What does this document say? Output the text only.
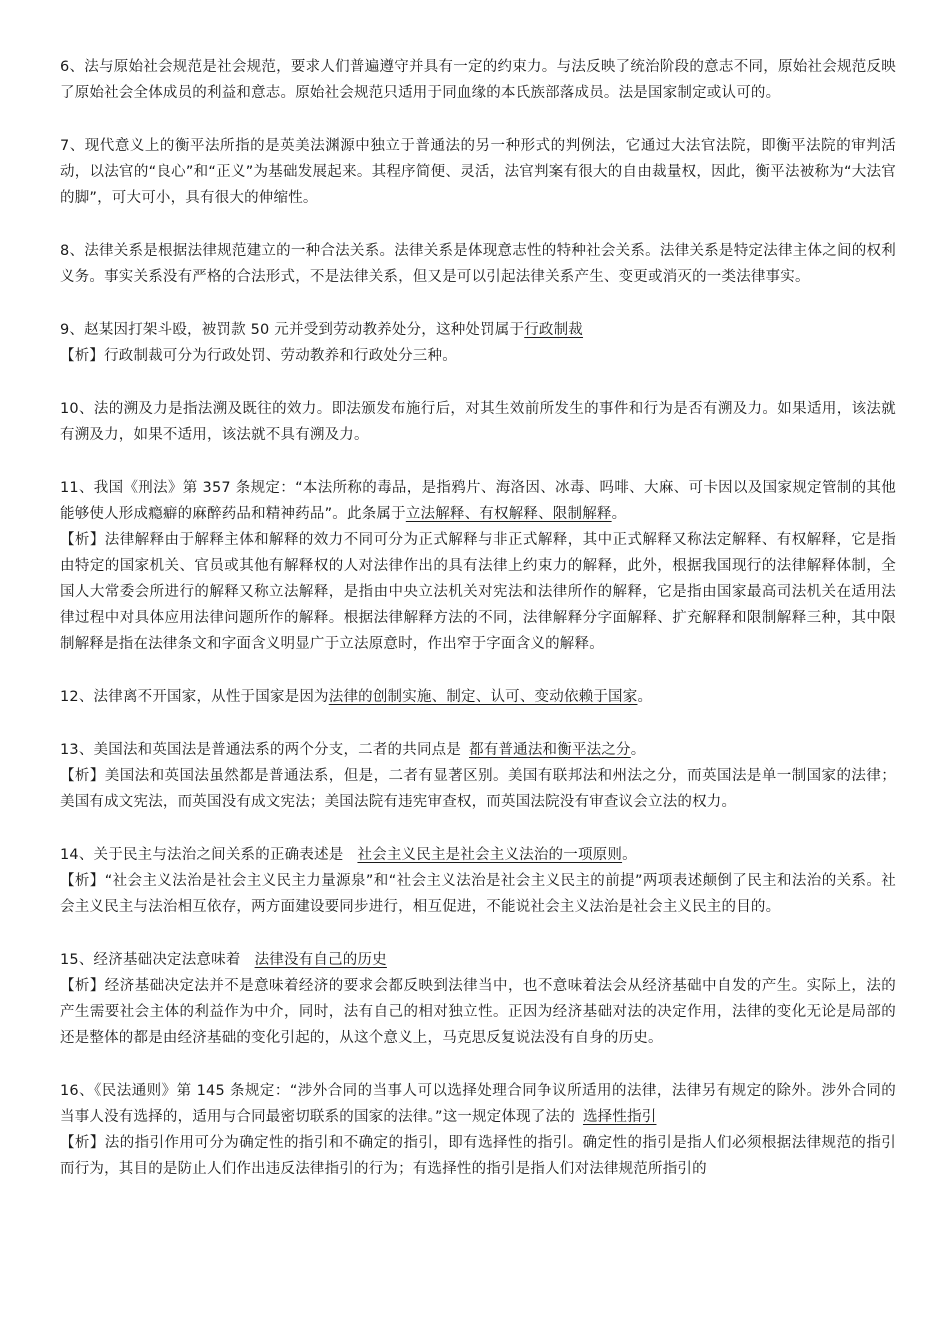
6、法与原始社会规范是社会规范，要求人们普遍遵守并具有一定的约束力。与法反映了统治阶段的意志不同，原始社会规范反映了原始社会全体成员的利益和意志。原始社会规范只适用于同血缘的本氏族部落成员。法是国家制定或认可的。

7、现代意义上的衡平法所指的是英美法渊源中独立于普通法的另一种形式的判例法，它通过大法官法院，即衡平法院的审判活动，以法官的“良心”和“正义”为基础发展起来。其程序简便、灵活，法官判案有很大的自由裁量权，因此，衡平法被称为“大法官的脚”，可大可小，具有很大的伸缩性。

8、法律关系是根据法律规范建立的一种合法关系。法律关系是体现意志性的特种社会关系。法律关系是特定法律主体之间的权利义务。事实关系没有严格的合法形式，不是法律关系，但又是可以引起法律关系产生、变更或消灭的一类法律事实。

9、赵某因打架斗殴，被罚款 50 元并受到劳动教养处分，这种处罚属于行政制裁

【析】行政制裁可分为行政处罚、劳动教养和行政处分三种。

10、法的溯及力是指法溯及既往的效力。即法颁发布施行后，对其生效前所发生的事件和行为是否有溯及力。如果适用，该法就有溯及力，如果不适用，该法就不具有溯及力。

11、我国《刑法》第 357 条规定：“本法所称的毒品，是指鸦片、海洛因、冰毒、吗啡、大麻、可卡因以及国家规定管制的其他能够使人形成瘾癖的麻醉药品和精神药品”。此条属于立法解释、有权解释、限制解释。

【析】法律解释由于解释主体和解释的效力不同可分为正式解释与非正式解释，其中正式解释又称法定解释、有权解释，它是指由特定的国家机关、官员或其他有解释权的人对法律作出的具有法律上约束力的解释，此外，根据我国现行的法律解释体制，全国人大常委会所进行的解释又称立法解释，是指由中央立法机关对宪法和法律所作的解释，它是指由国家最高司法机关在适用法律过程中对具体应用法律问题所作的解释。根据法律解释方法的不同，法律解释分字面解释、扩充解释和限制解释三种，其中限制解释是指在法律条文和字面含义明显广于立法原意时，作出窄于字面含义的解释。

12、法律离不开国家，从性于国家是因为法律的创制实施、制定、认可、变动依赖于国家。

13、美国法和英国法是普通法系的两个分支，二者的共同点是 都有普通法和衡平法之分。

【析】美国法和英国法虽然都是普通法系，但是，二者有显著区别。美国有联邦法和州法之分，而英国法是单一制国家的法律；美国有成文宪法，而英国没有成文宪法；美国法院有违宪审查权，而英国法院没有审查议会立法的权力。

14、关于民主与法治之间关系的正确表述是 社会主义民主是社会主义法治的一项原则。

【析】“社会主义法治是社会主义民主力量源泉”和“社会主义法治是社会主义民主的前提”两项表述颠倒了民主和法治的关系。社会主义民主与法治相互依存，两方面建设要同步进行，相互促进，不能说社会主义法治是社会主义民主的目的。

15、经济基础决定法意味着 法律没有自己的历史

【析】经济基础决定法并不是意味着经济的要求会都反映到法律当中，也不意味着法会从经济基础中自发的产生。实际上，法的产生需要社会主体的利益作为中介，同时，法有自己的相对独立性。正因为经济基础对法的决定作用，法律的变化无论是局部的还是整体的都是由经济基础的变化引起的，从这个意义上，马克思反复说法没有自身的历史。

16、《民法通则》第 145 条规定：“涉外合同的当事人可以选择处理合同争议所适用的法律，法律另有规定的除外。涉外合同的当事人没有选择的，适用与合同最密切联系的国家的法律。”这一规定体现了法的 选择性指引

【析】法的指引作用可分为确定性的指引和不确定的指引，即有选择性的指引。确定性的指引是指人们必须根据法律规范的指引而行为，其目的是防止人们作出违反法律指引的行为；有选择性的指引是指人们对法律规范所指引的
